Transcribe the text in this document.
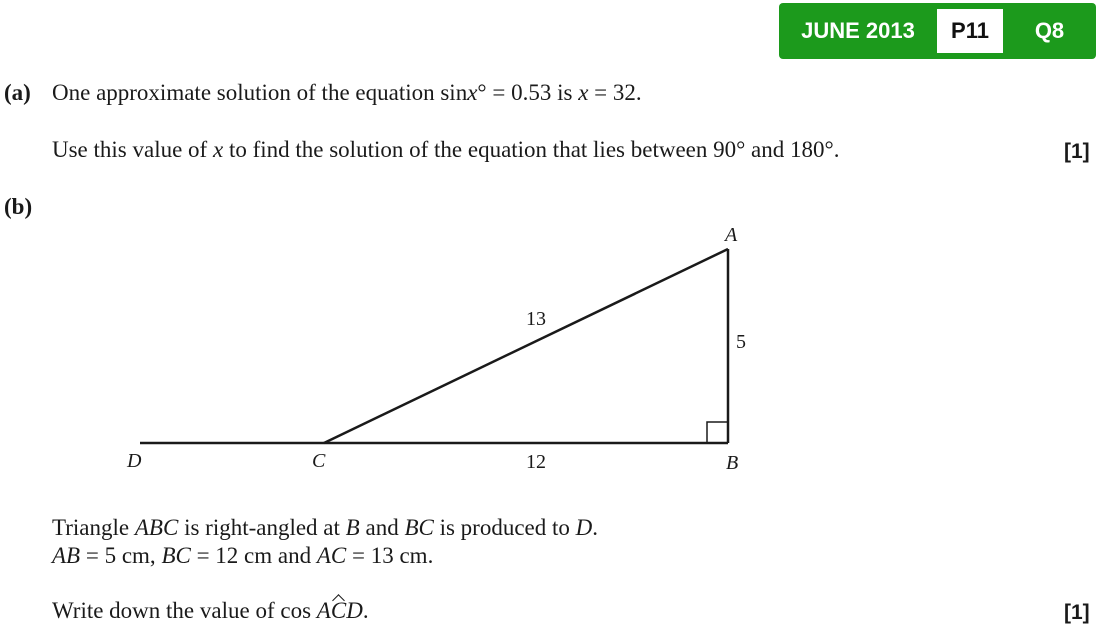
JUNE 2013	P11	Q8
(a) One approximate solution of the equation sinx° = 0.53 is x = 32.
Use this value of x to find the solution of the equation that lies between 90° and 180°.	[1]
(b)
A
B
C
D
13
5
12
Triangle ABC is right-angled at B and BC is produced to D.
AB = 5 cm, BC = 12 cm and AC = 13 cm.
Write down the value of cos ACD.	[1]
